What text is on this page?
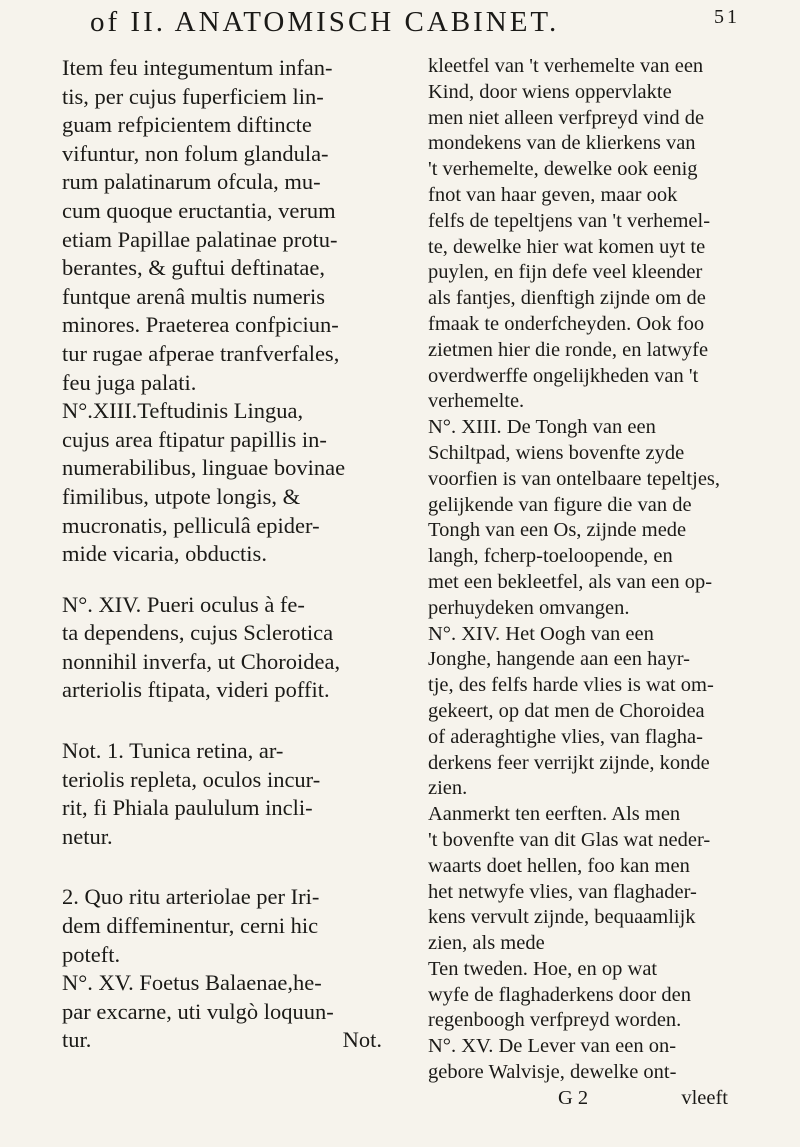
of II. ANATOMISCH CABINET.	51
Item feu integumentum infan-
tis, per cujus fuperficiem lin-
guam refpicientem diftincte
vifuntur, non folum glandula-
rum palatinarum ofcula, mu-
cum quoque eructantia, verum
etiam Papillae palatinae protu-
berantes, & guftui deftinatae,
funtque arenâ multis numeris
minores. Praeterea confpiciun-
tur rugae afperae tranfverfales,
feu juga palati.
N°.XIII.Teftudinis Lingua,
cujus area ftipatur papillis in-
numerabilibus, linguae bovinae
fimilibus, utpote longis, &
mucronatis, pelliculâ epider-
mide vicaria, obductis.
N°. XIV. Pueri oculus à fe-
ta dependens, cujus Sclerotica
nonnihil inverfa, ut Choroidea,
arteriolis ftipata, videri poffit.
Not. 1. Tunica retina, ar-
teriolis repleta, oculos incur-
rit, fi Phiala paululum incli-
netur.
2. Quo ritu arteriolae per Iri-
dem diffeminentur, cerni hic
poteft.
N°. XV. Foetus Balaenae,he-
par excarne, uti vulgò loquun-
tur.	Not.
kleetfel van 't verhemelte van een
Kind, door wiens oppervlakte
men niet alleen verfpreyd vind de
mondekens van de klierkens van
't verhemelte, dewelke ook eenig
fnot van haar geven, maar ook
felfs de tepeltjens van 't verhemel-
te, dewelke hier wat komen uyt te
puylen, en fijn defe veel kleender
als fantjes, dienftigh zijnde om de
fmaak te onderfcheyden. Ook foo
zietmen hier die ronde, en latwyfe
overdwerffe ongelijkheden van 't
verhemelte.
N°. XIII. De Tongh van een
Schiltpad, wiens bovenfte zyde
voorfien is van ontelbaare tepeltjes,
gelijkende van figure die van de
Tongh van een Os, zijnde mede
langh, fcherp-toeloopende, en
met een bekleetfel, als van een op-
perhuydeken omvangen.
N°. XIV. Het Oogh van een
Jonghe, hangende aan een hayr-
tje, des felfs harde vlies is wat om-
gekeert, op dat men de Choroidea
of aderaghtighe vlies, van flagha-
derkens feer verrijkt zijnde, konde
zien.
Aanmerkt ten eerften. Als men
't bovenfte van dit Glas wat neder-
waarts doet hellen, foo kan men
het netwyfe vlies, van flaghader-
kens vervult zijnde, bequaamlijk
zien, als mede
Ten tweden. Hoe, en op wat
wyfe de flaghaderkens door den
regenboogh verfpreyd worden.
N°. XV. De Lever van een on-
gebore Walvisje, dewelke ont-
G 2	vleeft
